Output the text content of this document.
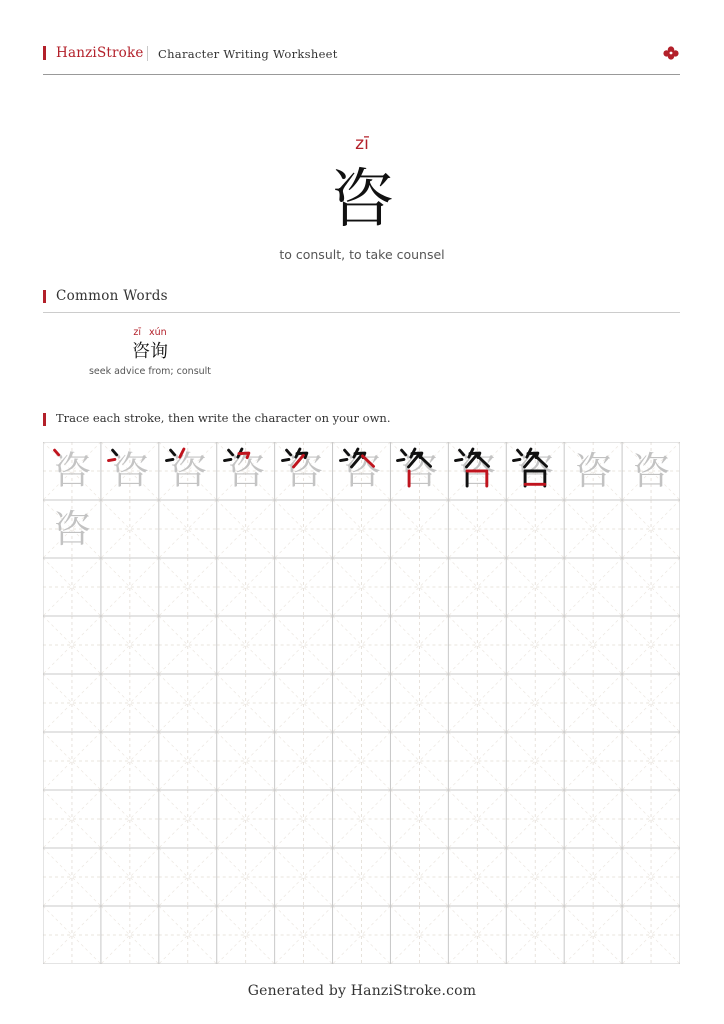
HanziStroke Character Writing Worksheet
zī
咨
to consult, to take counsel
Common Words
zī xún
咨询
seek advice from; consult
Trace each stroke, then write the character on your own.
咨 咨 咨 咨 咨 咨 咨 咨 咨 咨 咨
咨
Generated by HanziStroke.com
